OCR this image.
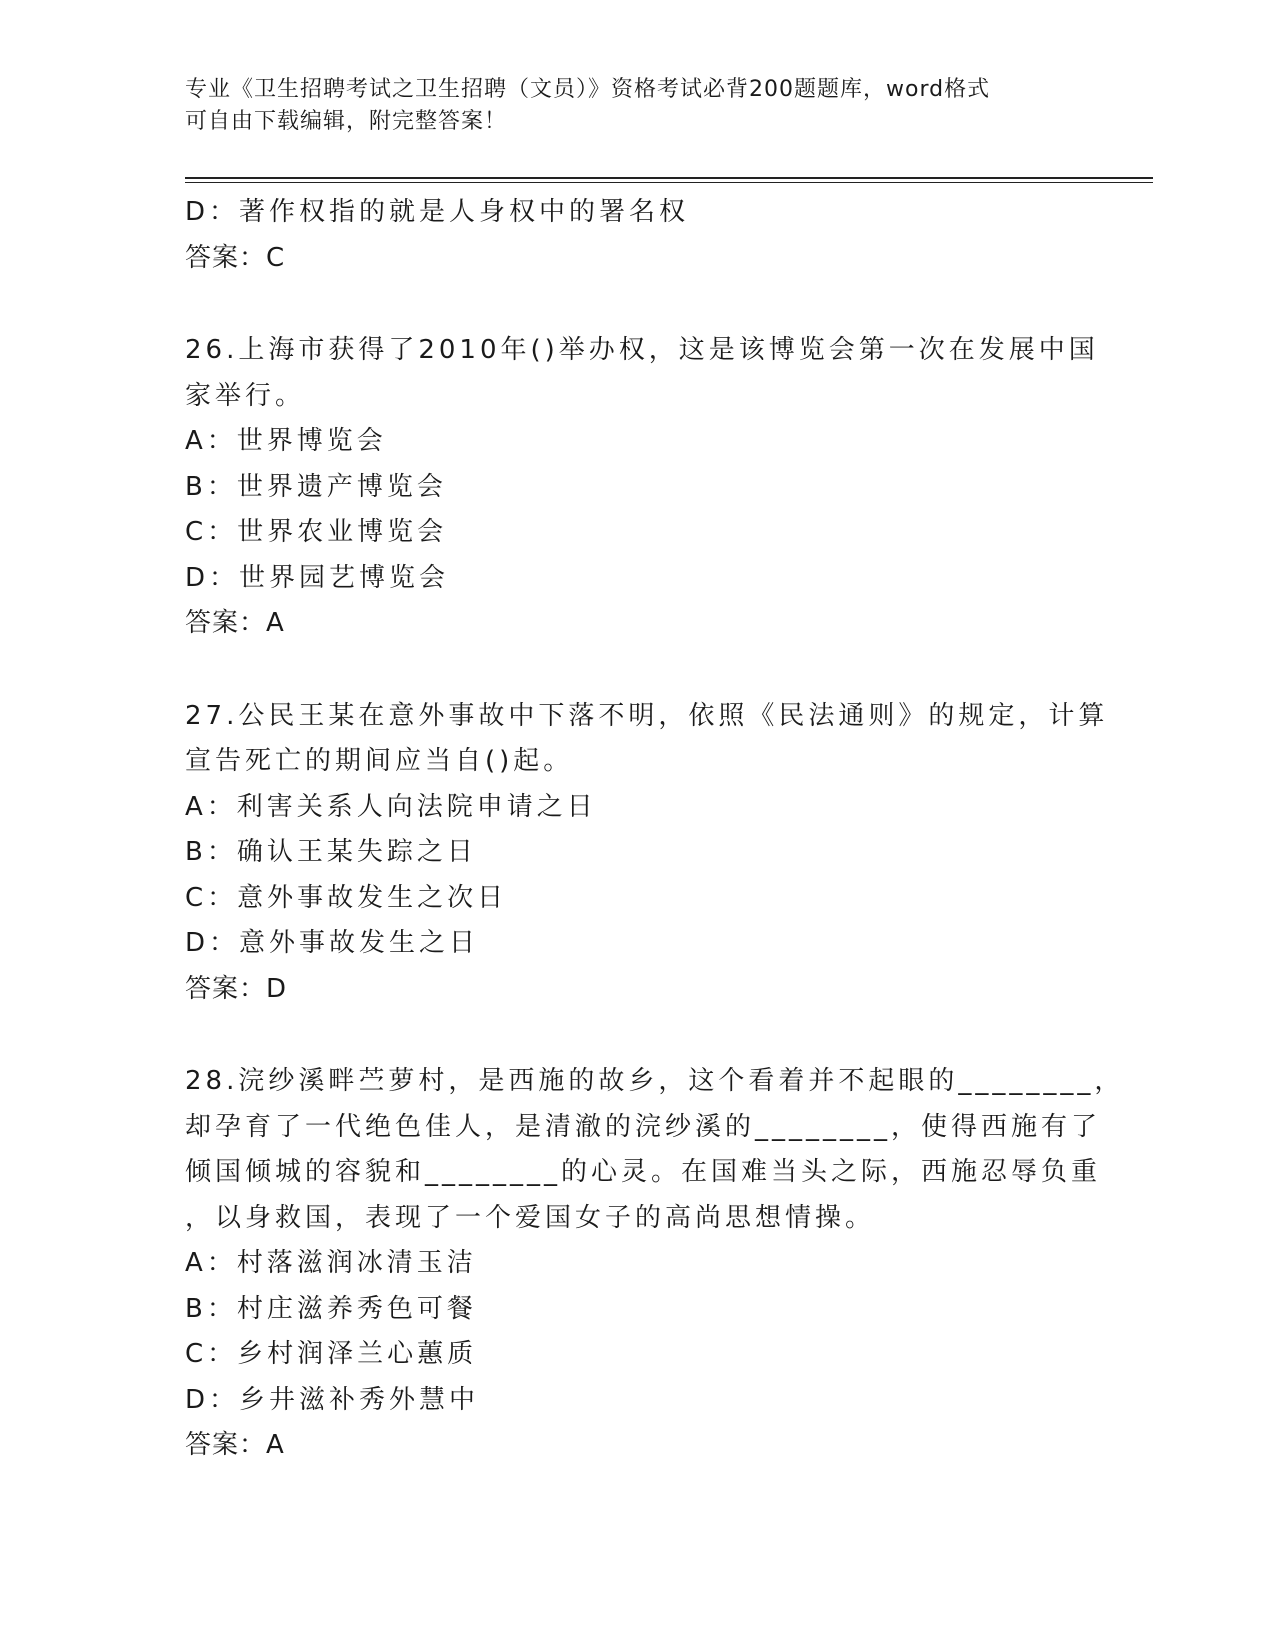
专业《卫生招聘考试之卫生招聘（文员）》资格考试必背200题题库，word格式
可自由下载编辑，附完整答案！
D：著作权指的就是人身权中的署名权
答案：C
26.上海市获得了2010年()举办权，这是该博览会第一次在发展中国
家举行。
A：世界博览会
B：世界遗产博览会
C：世界农业博览会
D：世界园艺博览会
答案：A
27.公民王某在意外事故中下落不明，依照《民法通则》的规定，计算
宣告死亡的期间应当自()起。
A：利害关系人向法院申请之日
B：确认王某失踪之日
C：意外事故发生之次日
D：意外事故发生之日
答案：D
28.浣纱溪畔苎萝村，是西施的故乡，这个看着并不起眼的________，
却孕育了一代绝色佳人，是清澈的浣纱溪的________，使得西施有了
倾国倾城的容貌和________的心灵。在国难当头之际，西施忍辱负重
，以身救国，表现了一个爱国女子的高尚思想情操。
A：村落滋润冰清玉洁
B：村庄滋养秀色可餐
C：乡村润泽兰心蕙质
D：乡井滋补秀外慧中
答案：A
